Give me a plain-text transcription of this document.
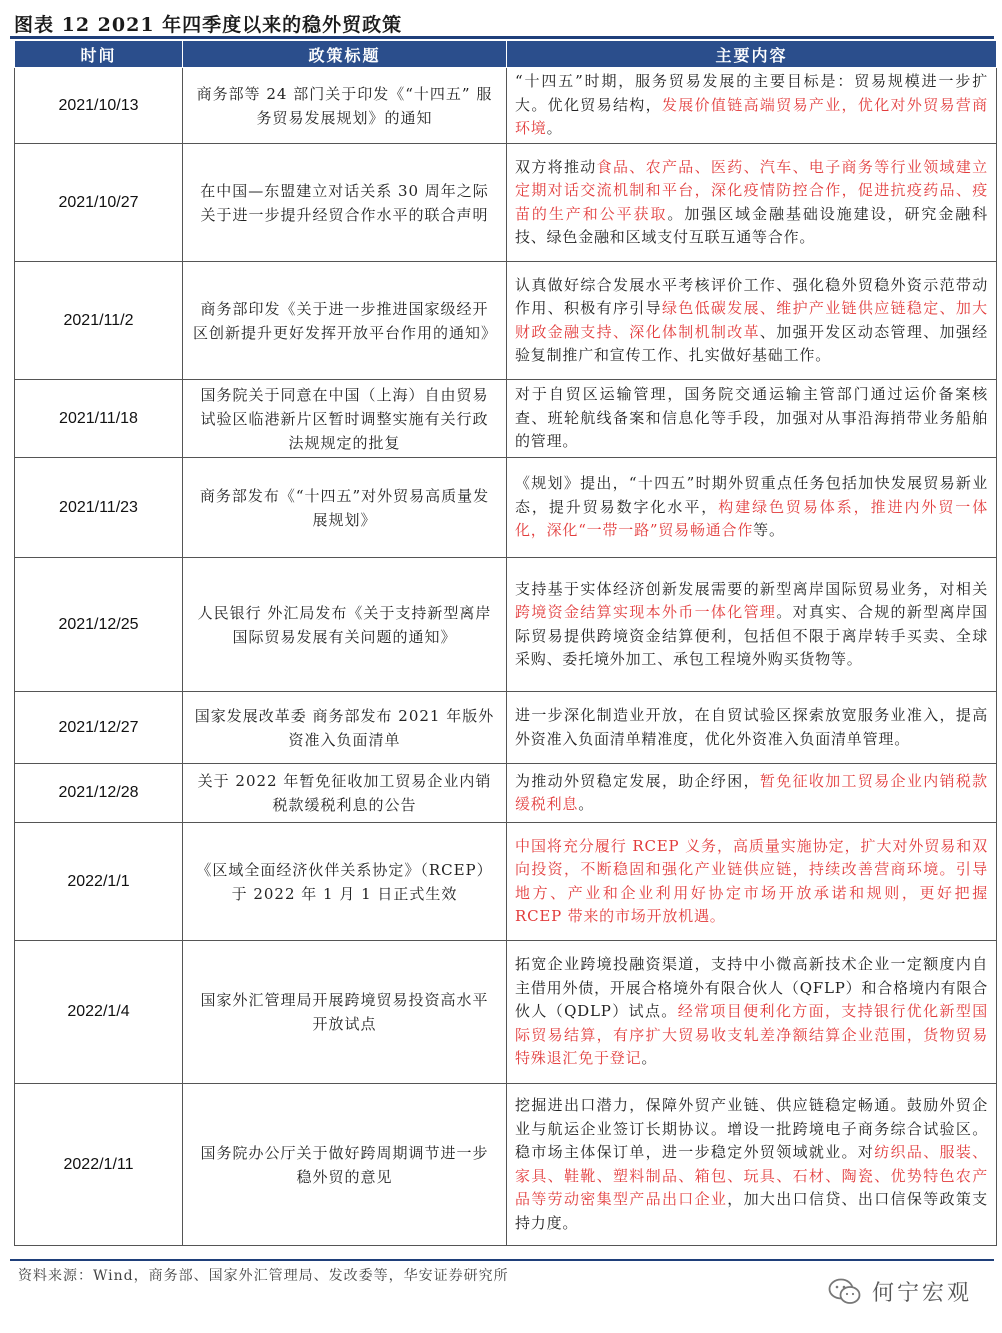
图表 12 2021 年四季度以来的稳外贸政策
时间	政策标题	主要内容
2021/10/13	商务部等 24 部门关于印发《“十四五” 服务贸易发展规划》的通知	“十四五”时期，服务贸易发展的主要目标是：贸易规模进一步扩大。优化贸易结构，发展价值链高端贸易产业，优化对外贸易营商环境。
2021/10/27	在中国—东盟建立对话关系 30 周年之际关于进一步提升经贸合作水平的联合声明	双方将推动食品、农产品、医药、汽车、电子商务等行业领域建立定期对话交流机制和平台，深化疫情防控合作，促进抗疫药品、疫苗的生产和公平获取。加强区域金融基础设施建设，研究金融科技、绿色金融和区域支付互联互通等合作。
2021/11/2	商务部印发《关于进一步推进国家级经开区创新提升更好发挥开放平台作用的通知》	认真做好综合发展水平考核评价工作、强化稳外贸稳外资示范带动作用、积极有序引导绿色低碳发展、维护产业链供应链稳定、加大财政金融支持、深化体制机制改革、加强开发区动态管理、加强经验复制推广和宣传工作、扎实做好基础工作。
2021/11/18	国务院关于同意在中国（上海）自由贸易试验区临港新片区暂时调整实施有关行政法规规定的批复	对于自贸区运输管理，国务院交通运输主管部门通过运价备案核查、班轮航线备案和信息化等手段，加强对从事沿海捎带业务船舶的管理。
2021/11/23	商务部发布《“十四五”对外贸易高质量发展规划》	《规划》提出，“十四五”时期外贸重点任务包括加快发展贸易新业态，提升贸易数字化水平，构建绿色贸易体系，推进内外贸一体化，深化“一带一路”贸易畅通合作等。
2021/12/25	人民银行 外汇局发布《关于支持新型离岸国际贸易发展有关问题的通知》	支持基于实体经济创新发展需要的新型离岸国际贸易业务，对相关跨境资金结算实现本外币一体化管理。对真实、合规的新型离岸国际贸易提供跨境资金结算便利，包括但不限于离岸转手买卖、全球采购、委托境外加工、承包工程境外购买货物等。
2021/12/27	国家发展改革委 商务部发布 2021 年版外资准入负面清单	进一步深化制造业开放，在自贸试验区探索放宽服务业准入，提高外资准入负面清单精准度，优化外资准入负面清单管理。
2021/12/28	关于 2022 年暂免征收加工贸易企业内销税款缓税利息的公告	为推动外贸稳定发展，助企纾困，暂免征收加工贸易企业内销税款缓税利息。
2022/1/1	《区域全面经济伙伴关系协定》（RCEP）于 2022 年 1 月 1 日正式生效	中国将充分履行 RCEP 义务，高质量实施协定，扩大对外贸易和双向投资，不断稳固和强化产业链供应链，持续改善营商环境。引导地方、产业和企业利用好协定市场开放承诺和规则，更好把握 RCEP 带来的市场开放机遇。
2022/1/4	国家外汇管理局开展跨境贸易投资高水平开放试点	拓宽企业跨境投融资渠道，支持中小微高新技术企业一定额度内自主借用外债，开展合格境外有限合伙人（QFLP）和合格境内有限合伙人（QDLP）试点。经常项目便利化方面，支持银行优化新型国际贸易结算，有序扩大贸易收支轧差净额结算企业范围，货物贸易特殊退汇免于登记。
2022/1/11	国务院办公厅关于做好跨周期调节进一步稳外贸的意见	挖掘进出口潜力，保障外贸产业链、供应链稳定畅通。鼓励外贸企业与航运企业签订长期协议。增设一批跨境电子商务综合试验区。稳市场主体保订单，进一步稳定外贸领域就业。对纺织品、服装、家具、鞋靴、塑料制品、箱包、玩具、石材、陶瓷、优势特色农产品等劳动密集型产品出口企业，加大出口信贷、出口信保等政策支持力度。
资料来源：Wind，商务部、国家外汇管理局、发改委等，华安证券研究所
何宁宏观
